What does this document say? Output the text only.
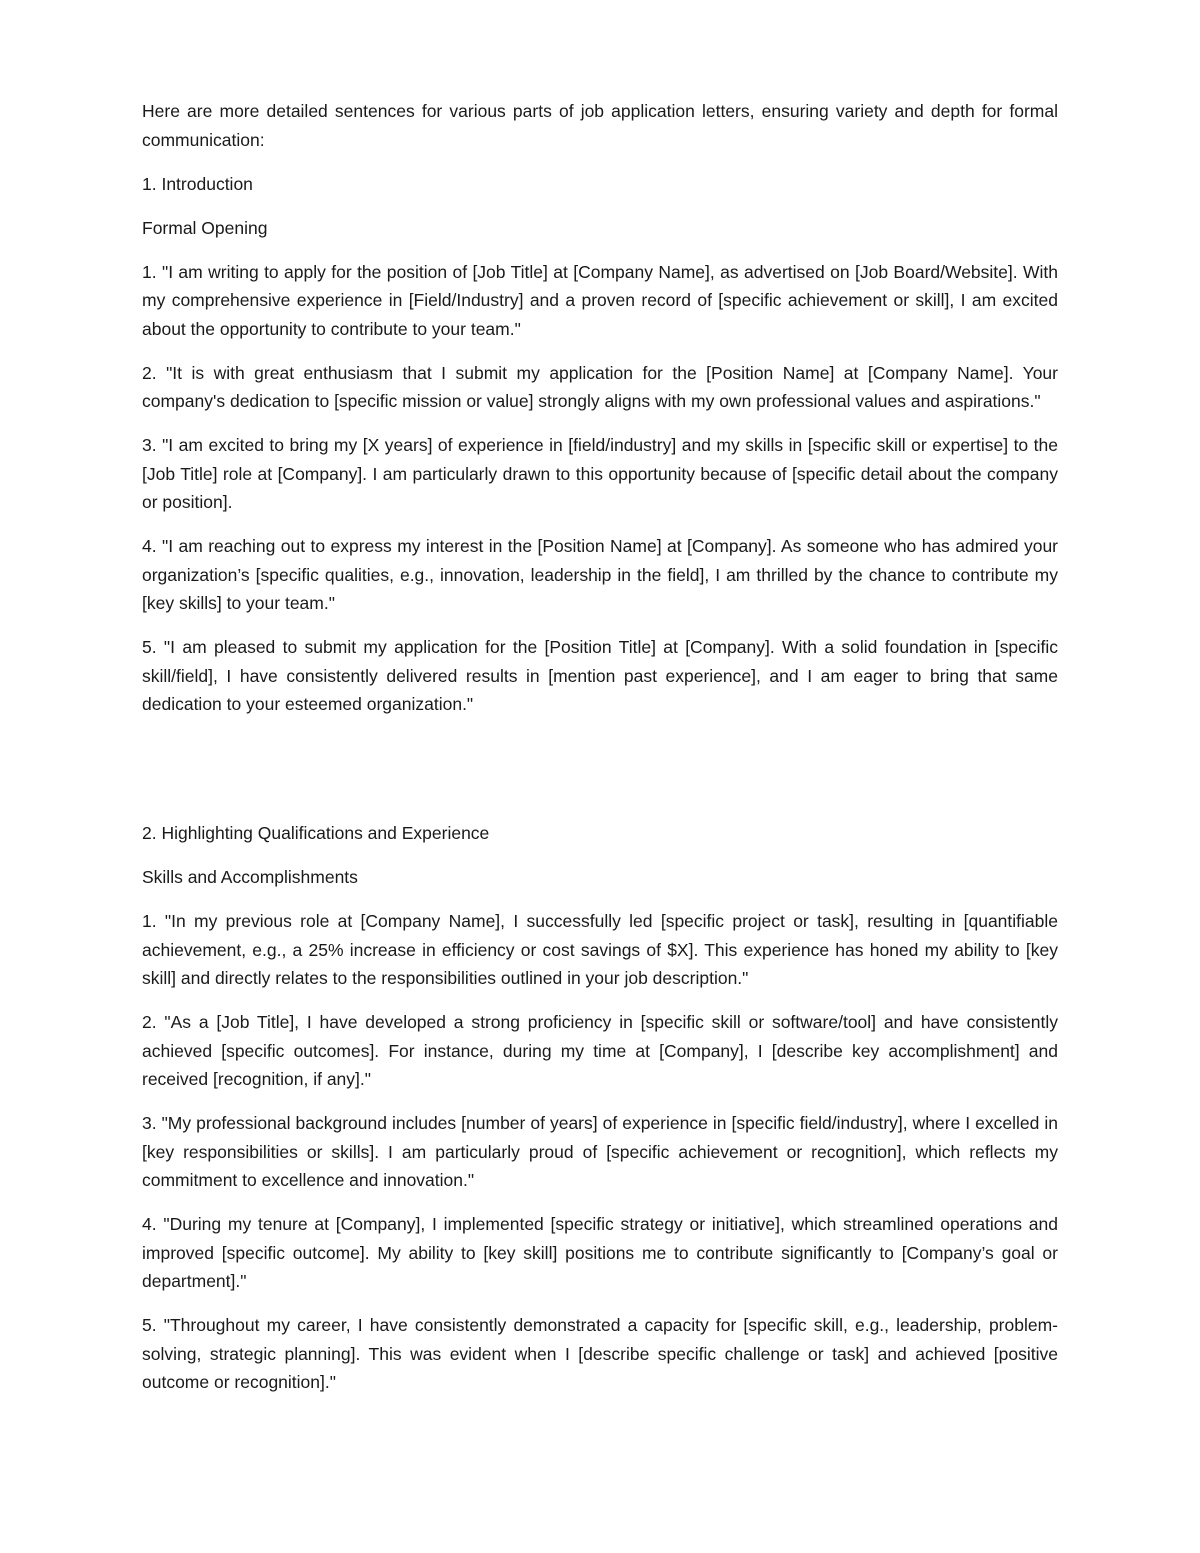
Here are more detailed sentences for various parts of job application letters, ensuring variety and depth for formal communication:

1. Introduction

Formal Opening

1. "I am writing to apply for the position of [Job Title] at [Company Name], as advertised on [Job Board/Website]. With my comprehensive experience in [Field/Industry] and a proven record of [specific achievement or skill], I am excited about the opportunity to contribute to your team."

2. "It is with great enthusiasm that I submit my application for the [Position Name] at [Company Name]. Your company's dedication to [specific mission or value] strongly aligns with my own professional values and aspirations."

3. "I am excited to bring my [X years] of experience in [field/industry] and my skills in [specific skill or expertise] to the [Job Title] role at [Company]. I am particularly drawn to this opportunity because of [specific detail about the company or position].

4. "I am reaching out to express my interest in the [Position Name] at [Company]. As someone who has admired your organization’s [specific qualities, e.g., innovation, leadership in the field], I am thrilled by the chance to contribute my [key skills] to your team."

5. "I am pleased to submit my application for the [Position Title] at [Company]. With a solid foundation in [specific skill/field], I have consistently delivered results in [mention past experience], and I am eager to bring that same dedication to your esteemed organization."

2. Highlighting Qualifications and Experience

Skills and Accomplishments

1. "In my previous role at [Company Name], I successfully led [specific project or task], resulting in [quantifiable achievement, e.g., a 25% increase in efficiency or cost savings of $X]. This experience has honed my ability to [key skill] and directly relates to the responsibilities outlined in your job description."

2. "As a [Job Title], I have developed a strong proficiency in [specific skill or software/tool] and have consistently achieved [specific outcomes]. For instance, during my time at [Company], I [describe key accomplishment] and received [recognition, if any]."

3. "My professional background includes [number of years] of experience in [specific field/industry], where I excelled in [key responsibilities or skills]. I am particularly proud of [specific achievement or recognition], which reflects my commitment to excellence and innovation."

4. "During my tenure at [Company], I implemented [specific strategy or initiative], which streamlined operations and improved [specific outcome]. My ability to [key skill] positions me to contribute significantly to [Company’s goal or department]."

5. "Throughout my career, I have consistently demonstrated a capacity for [specific skill, e.g., leadership, problem-solving, strategic planning]. This was evident when I [describe specific challenge or task] and achieved [positive outcome or recognition]."
